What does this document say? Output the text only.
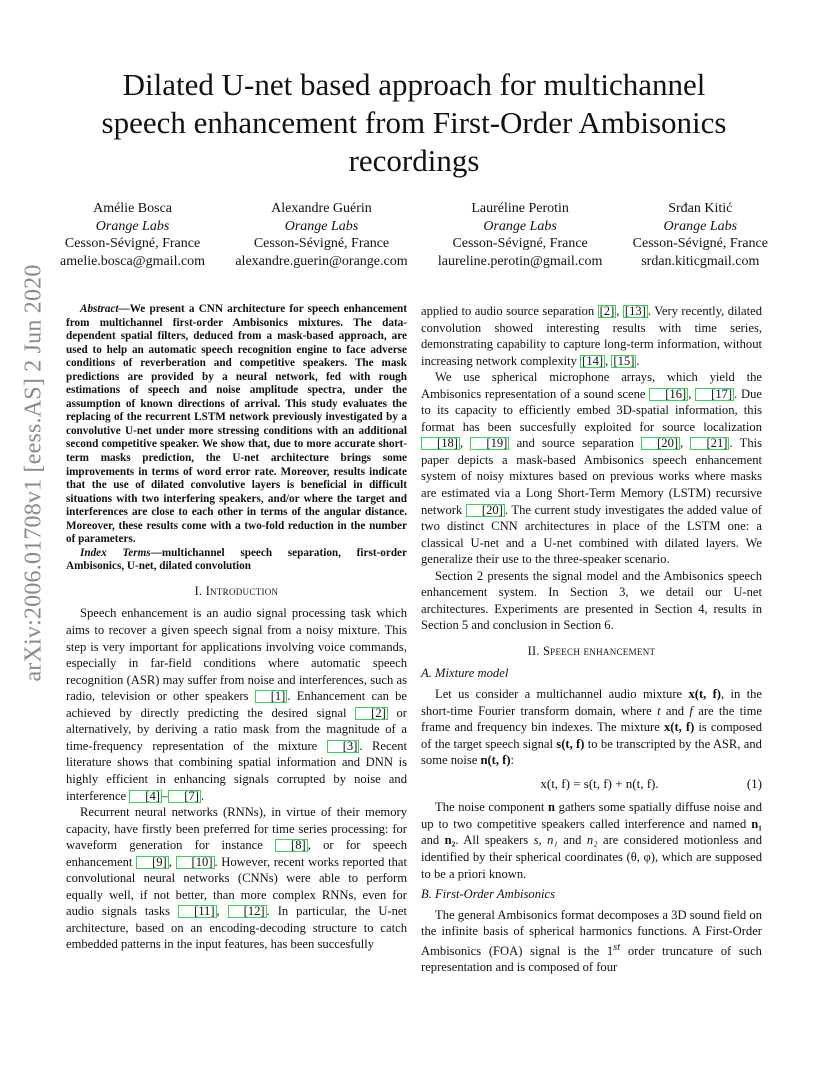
arXiv:2006.01708v1 [eess.AS] 2 Jun 2020
Dilated U-net based approach for multichannel speech enhancement from First-Order Ambisonics recordings
Amélie Bosca
Orange Labs
Cesson-Sévigné, France
amelie.bosca@gmail.com
Alexandre Guérin
Orange Labs
Cesson-Sévigné, France
alexandre.guerin@orange.com
Lauréline Perotin
Orange Labs
Cesson-Sévigné, France
laureline.perotin@gmail.com
Srđan Kitić
Orange Labs
Cesson-Sévigné, France
srdan.kiticgmail.com

Abstract—We present a CNN architecture for speech enhancement from multichannel first-order Ambisonics mixtures. The data-dependent spatial filters, deduced from a mask-based approach, are used to help an automatic speech recognition engine to face adverse conditions of reverberation and competitive speakers. The mask predictions are provided by a neural network, fed with rough estimations of speech and noise amplitude spectra, under the assumption of known directions of arrival. This study evaluates the replacing of the recurrent LSTM network previously investigated by a convolutive U-net under more stressing conditions with an additional second competitive speaker. We show that, due to more accurate short-term masks prediction, the U-net architecture brings some improvements in terms of word error rate. Moreover, results indicate that the use of dilated convolutive layers is beneficial in difficult situations with two interfering speakers, and/or where the target and interferences are close to each other in terms of the angular distance. Moreover, these results come with a two-fold reduction in the number of parameters.

Index Terms—multichannel speech separation, first-order Ambisonics, U-net, dilated convolution

I. Introduction

Speech enhancement is an audio signal processing task which aims to recover a given speech signal from a noisy mixture. This step is very important for applications involving voice commands, especially in far-field conditions where automatic speech recognition (ASR) may suffer from noise and interferences, such as radio, television or other speakers [1] . Enhancement can be achieved by directly predicting the desired signal [2] or alternatively, by deriving a ratio mask from the magnitude of a time-frequency representation of the mixture [3] . Recent literature shows that combining spatial information and DNN is highly efficient in enhancing signals corrupted by noise and interference [4] – [7] .

Recurrent neural networks (RNNs), in virtue of their memory capacity, have firstly been preferred for time series processing: for waveform generation for instance [8] , or for speech enhancement [9] , [10] . However, recent works reported that convolutional neural networks (CNNs) were able to perform equally well, if not better, than more complex RNNs, even for audio signals tasks [11] , [12] . In particular, the U-net architecture, based on an encoding-decoding structure to catch embedded patterns in the input features, has been succesfully

applied to audio source separation [2] , [13] . Very recently, dilated convolution showed interesting results with time series, demonstrating capability to capture long-term information, without increasing network complexity [14] , [15] .

We use spherical microphone arrays, which yield the Ambisonics representation of a sound scene [16] , [17] . Due to its capacity to efficiently embed 3D-spatial information, this format has been succesfully exploited for source localization [18] , [19] and source separation [20] , [21] . This paper depicts a mask-based Ambisonics speech enhancement system of noisy mixtures based on previous works where masks are estimated via a Long Short-Term Memory (LSTM) recursive network [20] . The current study investigates the added value of two distinct CNN architectures in place of the LSTM one: a classical U-net and a U-net combined with dilated layers. We generalize their use to the three-speaker scenario.

Section 2 presents the signal model and the Ambisonics speech enhancement system. In Section 3, we detail our U-net architectures. Experiments are presented in Section 4, results in Section 5 and conclusion in Section 6.

II. Speech enhancement
A. Mixture model

Let us consider a multichannel audio mixture x(t, f), in the short-time Fourier transform domain, where t and f are the time frame and frequency bin indexes. The mixture x(t, f) is composed of the target speech signal s(t, f) to be transcripted by the ASR, and some noise n(t, f):

x(t, f) = s(t, f) + n(t, f).	(1)

The noise component n gathers some spatially diffuse noise and up to two competitive speakers called interference and named n₁ and n₂. All speakers s, n₁ and n₂ are considered motionless and identified by their spherical coordinates (θ, φ), which are supposed to be a priori known.

B. First-Order Ambisonics

The general Ambisonics format decomposes a 3D sound field on the infinite basis of spherical harmonics functions. A First-Order Ambisonics (FOA) signal is the 1st order truncature of such representation and is composed of four
